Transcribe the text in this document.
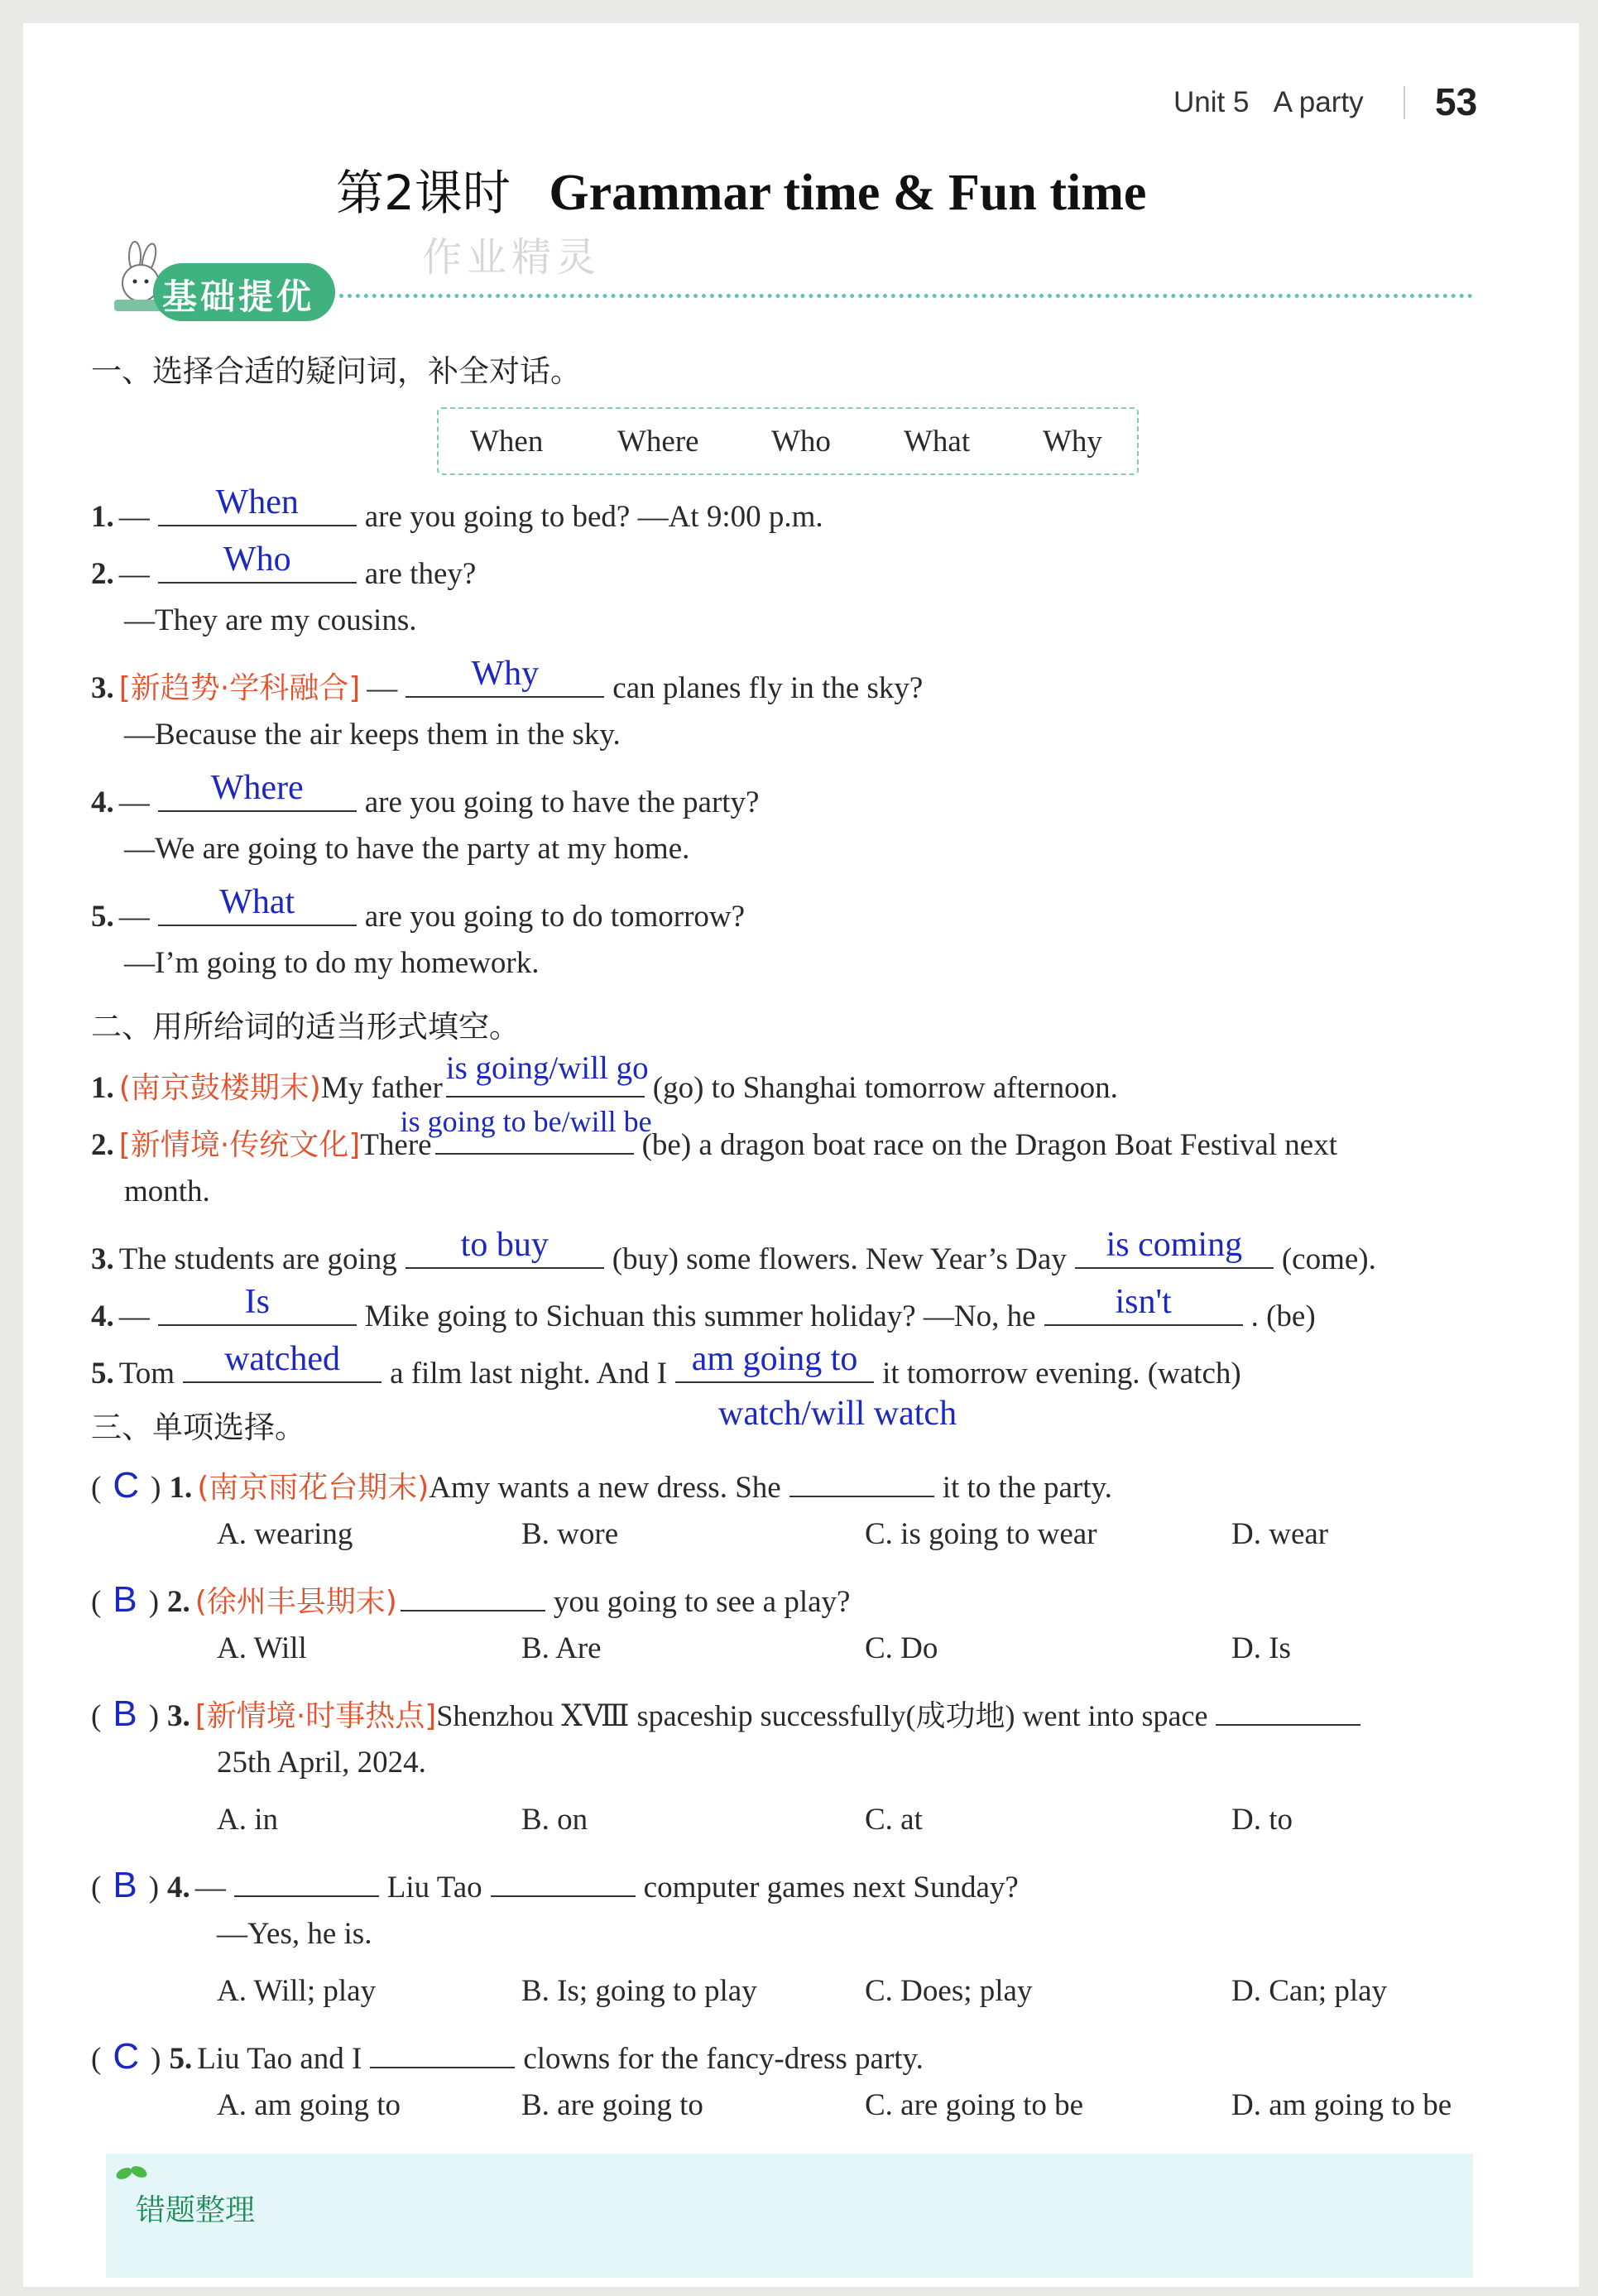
Unit 5 A party 53
第2课时 Grammar time & Fun time
基础提优
作业精灵
一、选择合适的疑问词，补全对话。
When Where Who What Why
1. —	When	are you going to bed? —At 9:00 p.m.
2. —	Who	are they?
—They are my cousins.
3. [新趋势·学科融合] —	Why	can planes fly in the sky?
—Because the air keeps them in the sky.
4. —	Where	are you going to have the party?
—We are going to have the party at my home.
5. —	What	are you going to do tomorrow?
—I’m going to do my homework.
二、用所给词的适当形式填空。
1. (南京鼓楼期末) My father
is going/will go
(go) to Shanghai tomorrow afternoon.
2. [新情境·传统文化] There
is going to be/will be
(be) a dragon boat race on the Dragon Boat Festival next
month.
3. The students are going	to buy	(buy) some flowers. New Year’s Day	is coming	(come).
4. —	Is	Mike going to Sichuan this summer holiday? —No, he	isn't	. (be)
5. Tom	watched	a film last night. And I am going to it tomorrow evening. (watch)
watch/will watch
三、单项选择。
( C ) 1. (南京雨花台期末) Amy wants a new dress. She	it to the party.
A. wearing	B. wore	C. is going to wear	D. wear
( B ) 2. (徐州丰县期末)	you going to see a play?
A. Will	B. Are	C. Do	D. Is
( B ) 3. [新情境·时事热点] Shenzhou ⅩⅧ spaceship successfully(成功地) went into space
25th April, 2024.
A. in	B. on	C. at	D. to
( B ) 4. —	Liu Tao	computer games next Sunday?
—Yes, he is.
A. Will; play	B. Is; going to play	C. Does; play	D. Can; play
( C ) 5. Liu Tao and I	clowns for the fancy-dress party.
A. am going to	B. are going to	C. are going to be	D. am going to be
错题整理
